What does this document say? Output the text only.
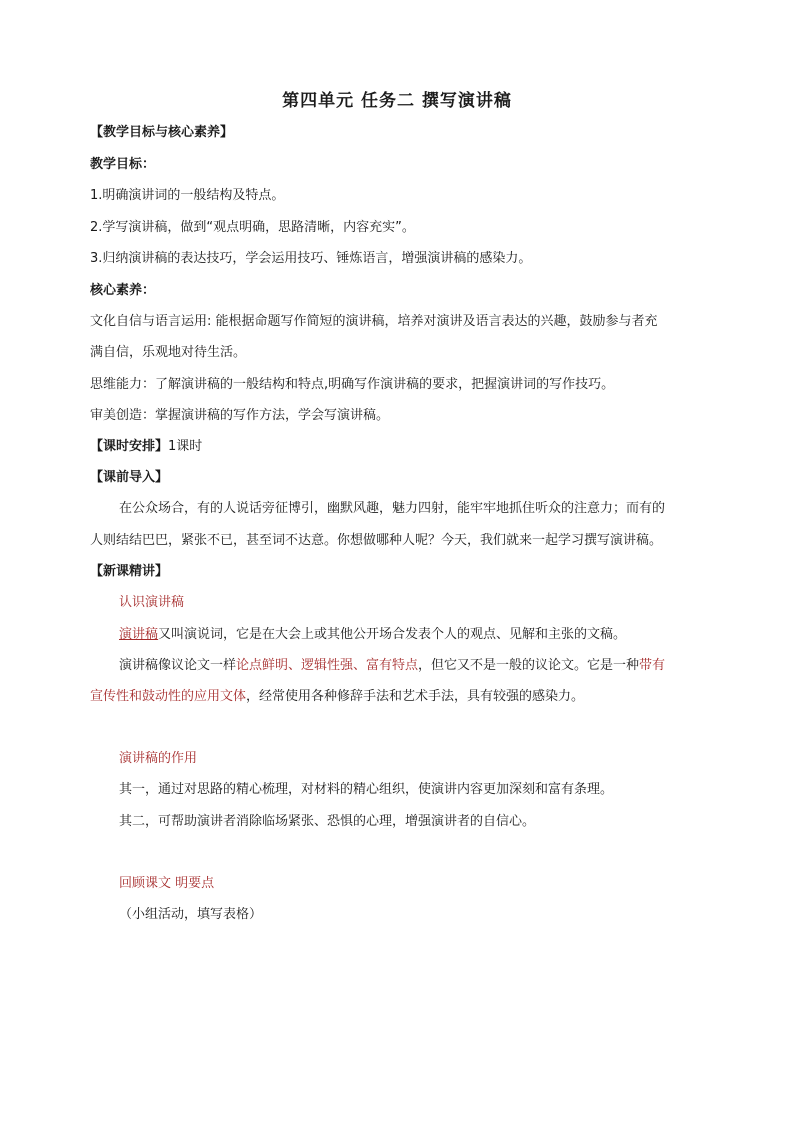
第四单元 任务二 撰写演讲稿
【教学目标与核心素养】
教学目标：
1.明确演讲词的一般结构及特点。
2.学写演讲稿，做到“观点明确，思路清晰，内容充实”。
3.归纳演讲稿的表达技巧，学会运用技巧、锤炼语言，增强演讲稿的感染力。
核心素养：
文化自信与语言运用: 能根据命题写作简短的演讲稿，培养对演讲及语言表达的兴趣，鼓励参与者充
满自信，乐观地对待生活。
思维能力：了解演讲稿的一般结构和特点,明确写作演讲稿的要求，把握演讲词的写作技巧。
审美创造：掌握演讲稿的写作方法，学会写演讲稿。
【课时安排】1课时
【课前导入】
在公众场合，有的人说话旁征博引，幽默风趣，魅力四射，能牢牢地抓住听众的注意力；而有的
人则结结巴巴，紧张不已，甚至词不达意。你想做哪种人呢？今天，我们就来一起学习撰写演讲稿。
【新课精讲】
认识演讲稿
演讲稿又叫演说词，它是在大会上或其他公开场合发表个人的观点、见解和主张的文稿。
演讲稿像议论文一样论点鲜明、逻辑性强、富有特点，但它又不是一般的议论文。它是一种带有
宣传性和鼓动性的应用文体，经常使用各种修辞手法和艺术手法，具有较强的感染力。
演讲稿的作用
其一，通过对思路的精心梳理，对材料的精心组织，使演讲内容更加深刻和富有条理。
其二，可帮助演讲者消除临场紧张、恐惧的心理，增强演讲者的自信心。
回顾课文 明要点
（小组活动，填写表格）
